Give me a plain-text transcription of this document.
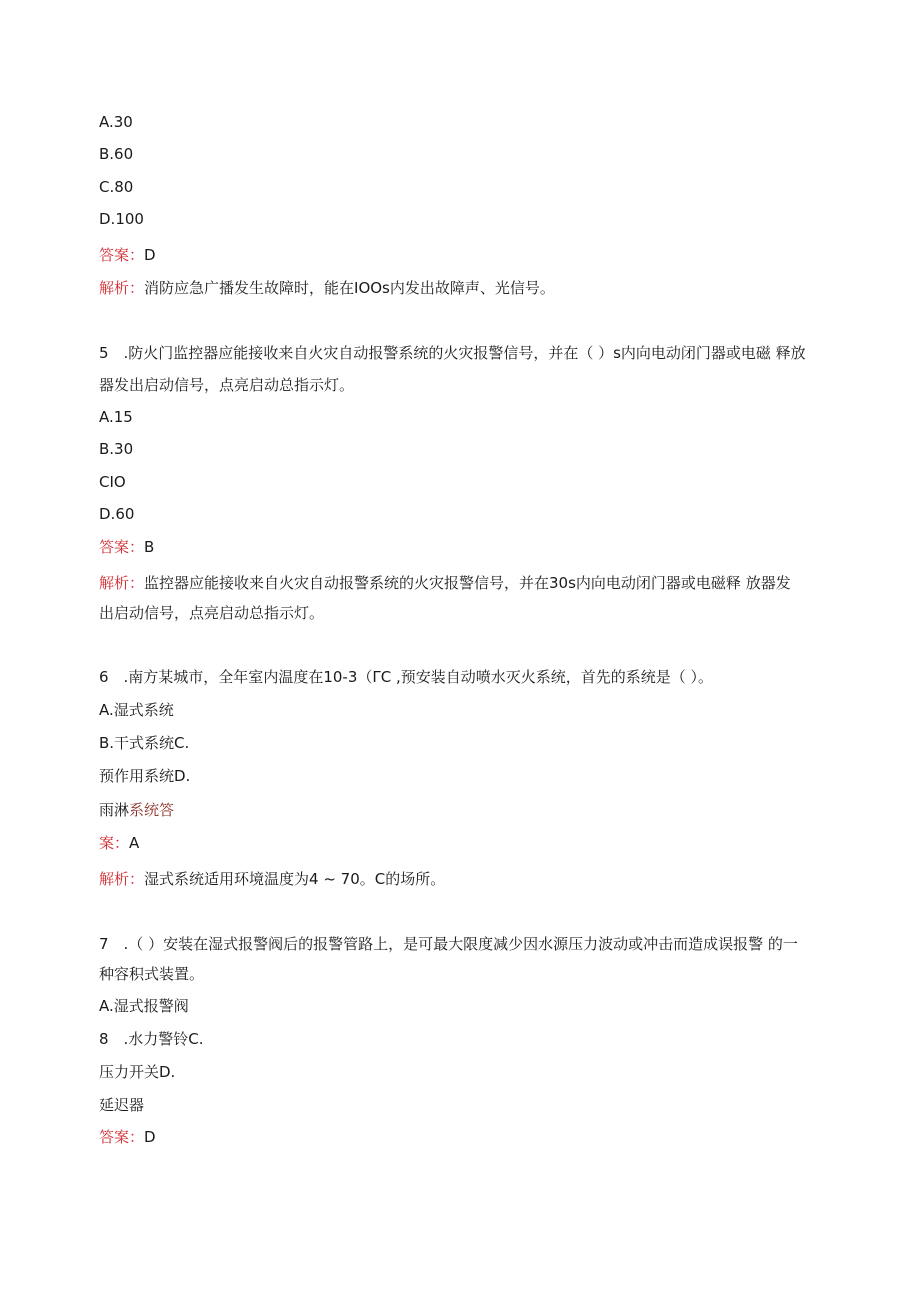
A.30
B.60
C.80
D.100
答案：D
解析：消防应急广播发生故障时，能在IOOs内发出故障声、光信号。
5　.防火门监控器应能接收来自火灾自动报警系统的火灾报警信号，并在（ ）s内向电动闭门器或电磁 释放
器发出启动信号，点亮启动总指示灯。
A.15
B.30
CIO
D.60
答案：B
解析：监控器应能接收来自火灾自动报警系统的火灾报警信号，并在30s内向电动闭门器或电磁释 放器发
出启动信号，点亮启动总指示灯。
6　.南方某城市，全年室内温度在10-3（ΓC ,预安装自动喷水灭火系统，首先的系统是（ ）。
A.湿式系统
B.干式系统C.
预作用系统D.
雨淋系统答
案：A
解析：湿式系统适用环境温度为4 ~ 70。C的场所。
7　.（ ）安装在湿式报警阀后的报警管路上，是可最大限度减少因水源压力波动或冲击而造成误报警 的一
种容积式装置。
A.湿式报警阀
8　.水力警铃C.
压力开关D.
延迟器
答案：D
